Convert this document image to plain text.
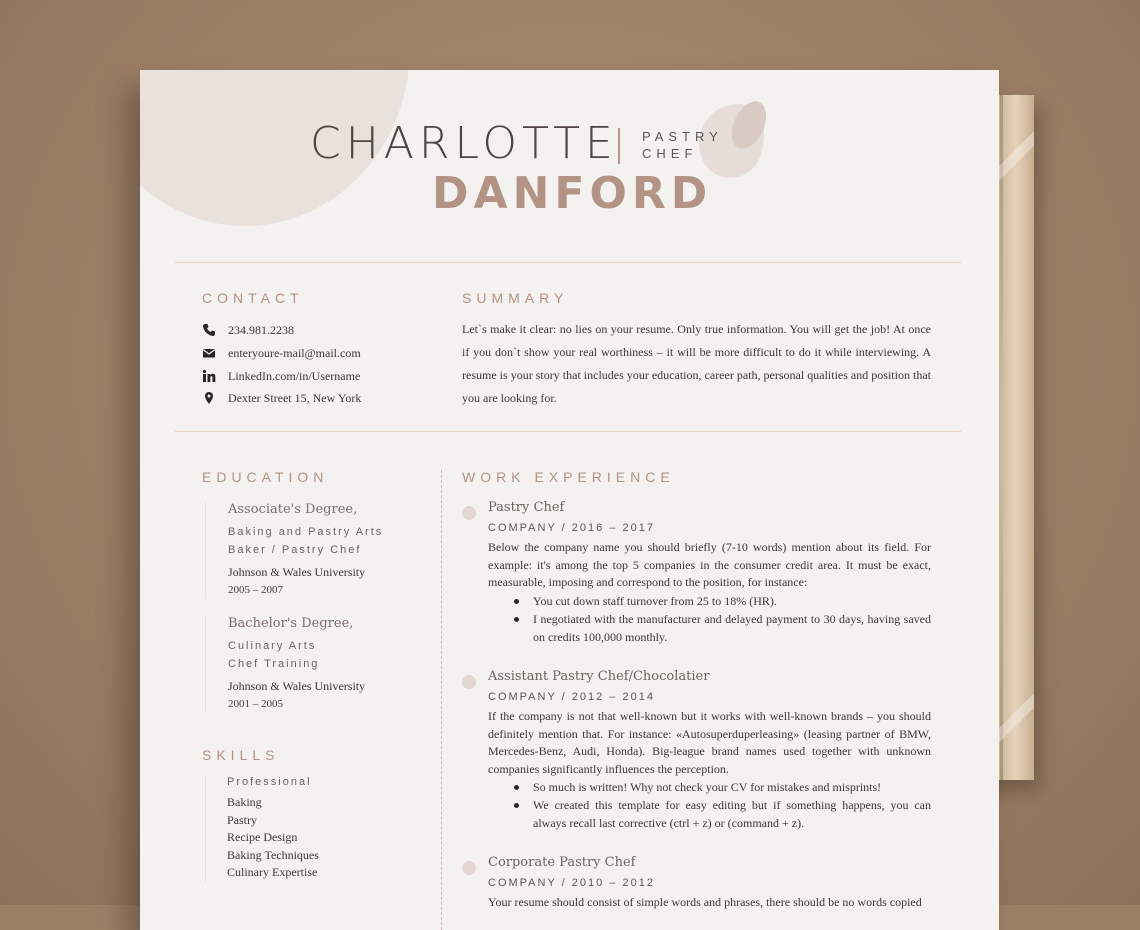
CHARLOTTE PASTRY CHEF
DANFORD
CONTACT
234.981.2238
enteryoure-mail@mail.com
LinkedIn.com/in/Username
Dexter Street 15, New York
SUMMARY
Let`s make it clear: no lies on your resume. Only true information. You will get the job! At once if you don`t show your real worthiness – it will be more difficult to do it while interviewing. A resume is your story that includes your education, career path, personal qualities and position that you are looking for.
EDUCATION
Associate's Degree,
Baking and Pastry Arts
Baker / Pastry Chef
Johnson & Wales University
2005 – 2007
Bachelor's Degree,
Culinary Arts
Chef Training
Johnson & Wales University
2001 – 2005
SKILLS
Professional
Baking
Pastry
Recipe Design
Baking Techniques
Culinary Expertise
WORK EXPERIENCE
Pastry Chef
COMPANY / 2016 – 2017
Below the company name you should briefly (7-10 words) mention about its field. For example: it's among the top 5 companies in the consumer credit area. It must be exact, measurable, imposing and correspond to the position, for instance:
You cut down staff turnover from 25 to 18% (HR).
I negotiated with the manufacturer and delayed payment to 30 days, having saved on credits 100,000 monthly.
Assistant Pastry Chef/Chocolatier
COMPANY / 2012 – 2014
If the company is not that well-known but it works with well-known brands – you should definitely mention that. For instance: «Autosuperduperleasing» (leasing partner of BMW, Mercedes-Benz, Audi, Honda). Big-league brand names used together with unknown companies significantly influences the perception.
So much is written! Why not check your CV for mistakes and misprints!
We created this template for easy editing but if something happens, you can always recall last corrective (ctrl + z) or (command + z).
Corporate Pastry Chef
COMPANY / 2010 – 2012
Your resume should consist of simple words and phrases, there should be no words copied
